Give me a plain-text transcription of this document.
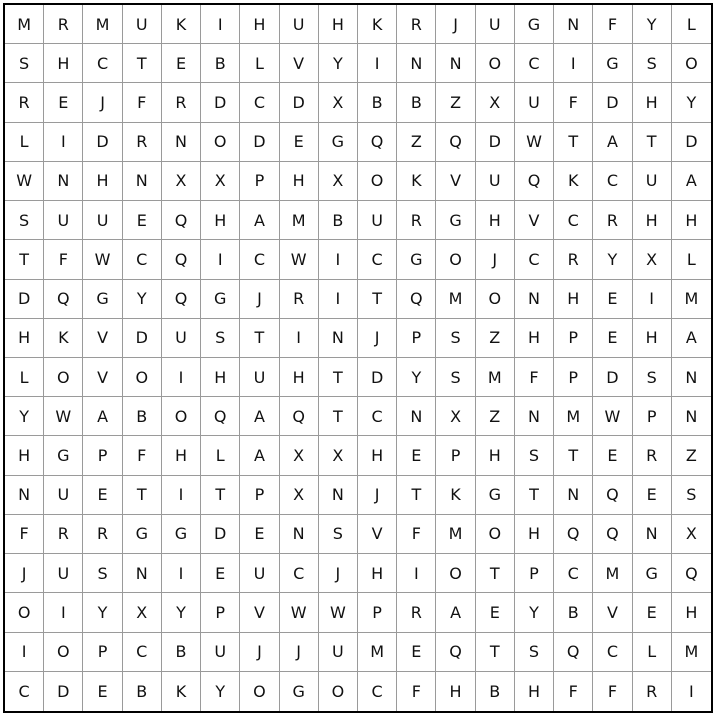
M	R	M	U	K	I	H	U	H	K	R	J	U	G	N	F	Y	L
S	H	C	T	E	B	L	V	Y	I	N	N	O	C	I	G	S	O
R	E	J	F	R	D	C	D	X	B	B	Z	X	U	F	D	H	Y
L	I	D	R	N	O	D	E	G	Q	Z	Q	D	W	T	A	T	D
W	N	H	N	X	X	P	H	X	O	K	V	U	Q	K	C	U	A
S	U	U	E	Q	H	A	M	B	U	R	G	H	V	C	R	H	H
T	F	W	C	Q	I	C	W	I	C	G	O	J	C	R	Y	X	L
D	Q	G	Y	Q	G	J	R	I	T	Q	M	O	N	H	E	I	M
H	K	V	D	U	S	T	I	N	J	P	S	Z	H	P	E	H	A
L	O	V	O	I	H	U	H	T	D	Y	S	M	F	P	D	S	N
Y	W	A	B	O	Q	A	Q	T	C	N	X	Z	N	M	W	P	N
H	G	P	F	H	L	A	X	X	H	E	P	H	S	T	E	R	Z
N	U	E	T	I	T	P	X	N	J	T	K	G	T	N	Q	E	S
F	R	R	G	G	D	E	N	S	V	F	M	O	H	Q	Q	N	X
J	U	S	N	I	E	U	C	J	H	I	O	T	P	C	M	G	Q
O	I	Y	X	Y	P	V	W	W	P	R	A	E	Y	B	V	E	H
I	O	P	C	B	U	J	J	U	M	E	Q	T	S	Q	C	L	M
C	D	E	B	K	Y	O	G	O	C	F	H	B	H	F	F	R	I
